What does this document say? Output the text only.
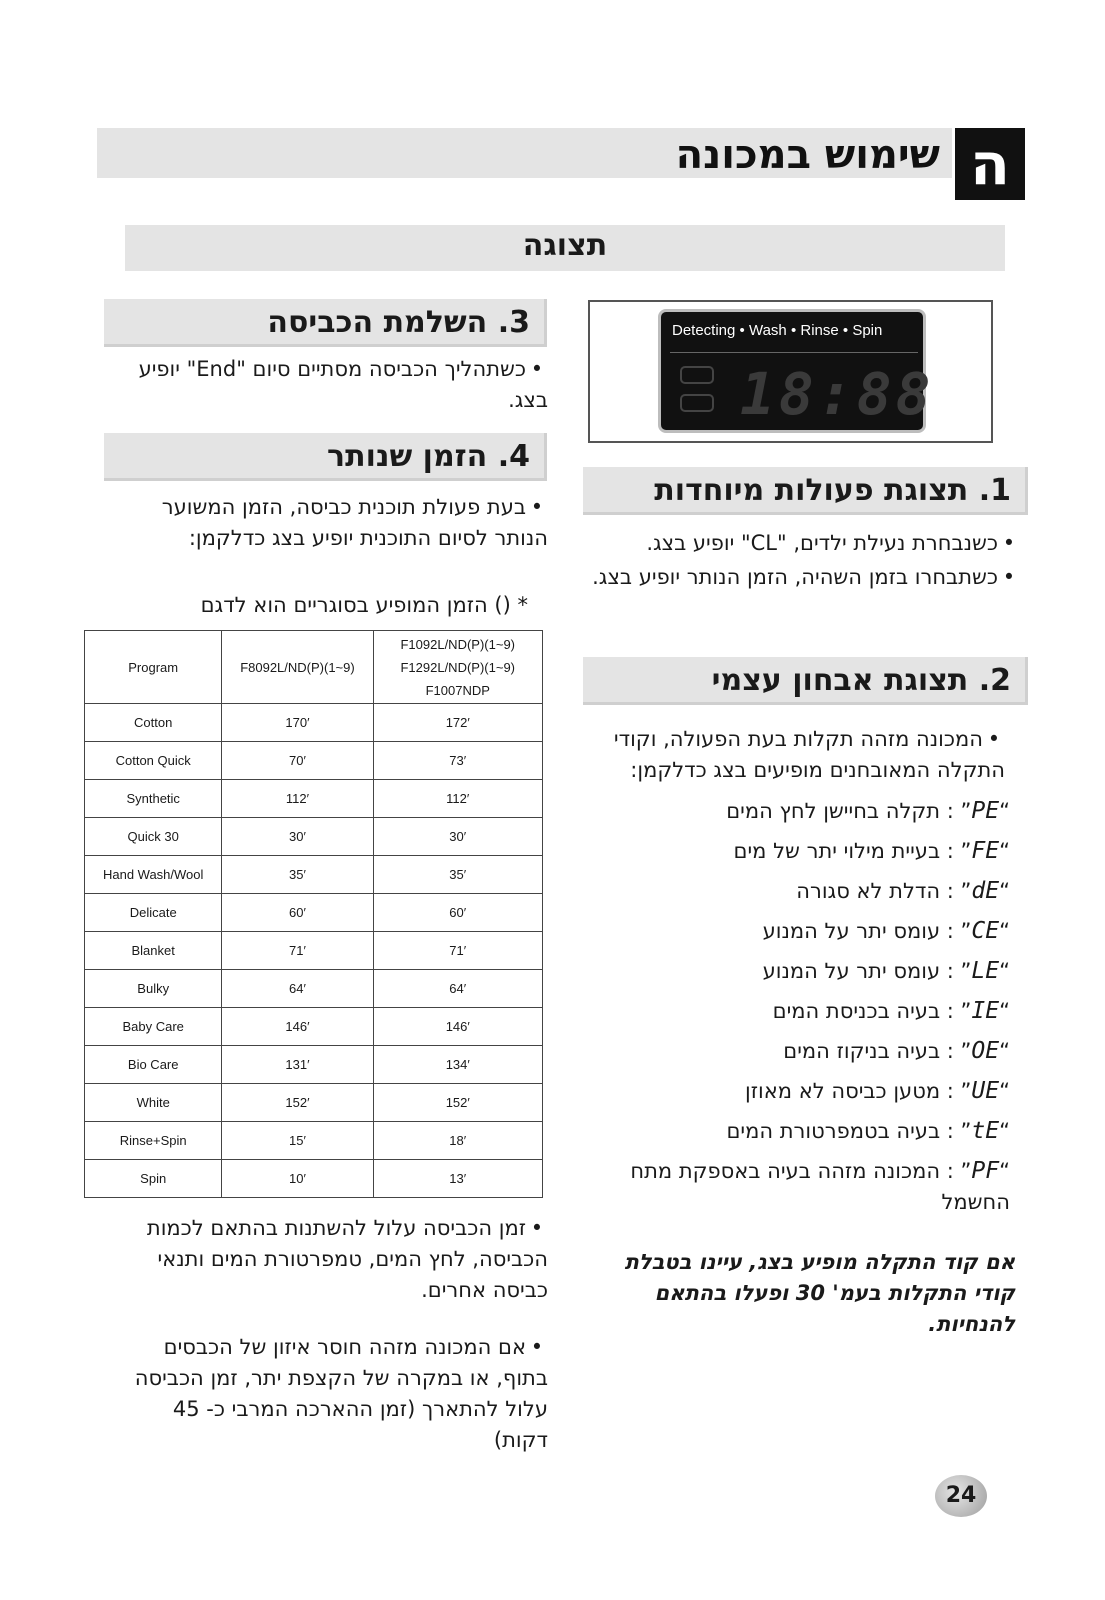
שימוש במכונה ה
תצוגה
Detecting • Wash • Rinse • Spin
18:88
1. תצוגת פעולות מיוחדות
•כשנבחרת נעילת ילדים, "CL" יופיע בצג.
•כשתבחרו בזמן השהיה, הזמן הנותר יופיע בצג.
2. תצוגת אבחון עצמי
•המכונה מזהה תקלות בעת הפעולה, וקודי התקלה המאובחנים מופיעים בצג כדלקמן:
“PE” : תקלה בחיישן לחץ המים
“FE” : בעיית מילוי יתר של מים
“dE” : הדלת לא סגורה
“CE” : עומס יתר על המנוע
“LE” : עומס יתר על המנוע
“IE” : בעיה בכניסת המים
“OE” : בעיה בניקוז המים
“UE” : מטען כביסה לא מאוזן
“tE” : בעיה בטמפרטורת המים
“PF” : המכונה מזהה בעיה באספקת מתח החשמל
אם קוד התקלה מופיע בצג, עיינו בטבלת קודי התקלות בעמ' 30 ופעלו בהתאם להנחיות.
3. השלמת הכביסה
•כשתהליך הכביסה מסתיים סיום "End" יופיע בצג.
4. הזמן שנותר
•בעת פעולת תוכנית כביסה, הזמן המשוער הנותר לסיום התוכנית יופיע בצג כדלקמן:
* () הזמן המופיע בסוגריים הוא לדגם
Program	F8092L/ND(P)(1~9)	F1092L/ND(P)(1~9)
F1292L/ND(P)(1~9)
F1007NDP

Cotton	170′	172′
Cotton Quick	70′	73′
Synthetic	112′	112′
Quick 30	30′	30′
Hand Wash/Wool	35′	35′
Delicate	60′	60′
Blanket	71′	71′
Bulky	64′	64′
Baby Care	146′	146′
Bio Care	131′	134′
White	152′	152′
Rinse+Spin	15′	18′
Spin	10′	13′
•זמן הכביסה עלול להשתנות בהתאם לכמות הכביסה, לחץ המים, טמפרטורת המים ותנאי כביסה אחרים.
•אם המכונה מזהה חוסר איזון של הכבסים בתוף, או במקרה של הקצפת יתר, זמן הכביסה עלול להתארך (זמן ההארכה המרבי כ- 45 דקות)
24
